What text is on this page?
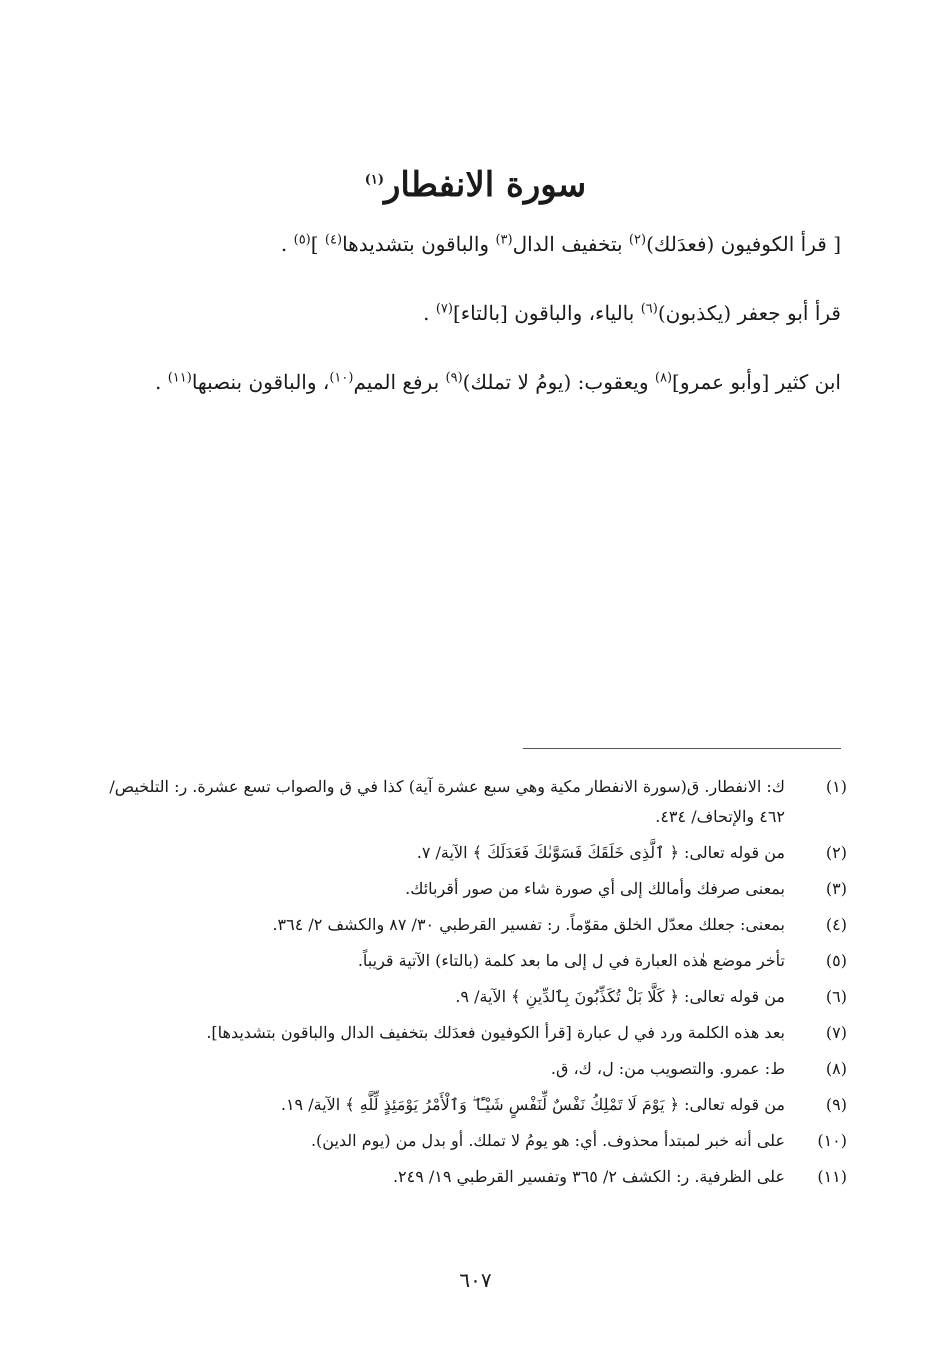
سورة الانفطار$^{(١)}$

[ قرأ الكوفيون (فعدَلك)$^{(٢)}$ بتخفيف الدال$^{(٣)}$ والباقون بتشديدها$^{(٤)}$ ]$^{(٥)}$ .

قرأ أبو جعفر (يكذبون)$^{(٦)}$ بالياء، والباقون [بالتاء]$^{(٧)}$ .

ابن كثير [وأبو عمرو]$^{(٨)}$ ويعقوب: (يومُ لا تملك)$^{(٩)}$ برفع الميم$^{(١٠)}$، والباقون بنصبها$^{(١١)}$ .

(١)
ك: الانفطار. ق(سورة الانفطار مكية وهي سبع عشرة آية) كذا في ق والصواب تسع عشرة. ر: التلخيص/ ٤٦٢ والإتحاف/ ٤٣٤.
(٢)
من قوله تعالى: ﴿ ٱلَّذِى خَلَقَكَ فَسَوَّىٰكَ فَعَدَلَكَ ﴾ الآية/ ٧.
(٣)
بمعنى صرفك وأمالك إلى أي صورة شاء من صور أقربائك.
(٤)
بمعنى: جعلك معدّل الخلق مقوّماً. ر: تفسير القرطبي ٣٠/ ٨٧ والكشف ٢/ ٣٦٤.
(٥)
تأخر موضع هٰذه العبارة في ل إلى ما بعد كلمة (بالتاء) الآتية قريباً.
(٦)
من قوله تعالى: ﴿ كَلَّا بَلْ تُكَذِّبُونَ بِٱلدِّينِ ﴾ الآية/ ٩.
(٧)
بعد هذه الكلمة ورد في ل عبارة [قرأ الكوفيون فعدَلك بتخفيف الدال والباقون بتشديدها].
(٨)
ط: عمرو. والتصويب من: ل، ك، ق.
(٩)
من قوله تعالى: ﴿ يَوْمَ لَا تَمْلِكُ نَفْسٌ لِّنَفْسٍ شَيْـًٔا ۖ وَٱلْأَمْرُ يَوْمَئِذٍ لِّلَّهِ ﴾ الآية/ ١٩.
(١٠)
على أنه خبر لمبتدأ محذوف. أي: هو يومُ لا تملك. أو بدل من (يوم الدين).
(١١)
على الظرفية. ر: الكشف ٢/ ٣٦٥ وتفسير القرطبي ١٩/ ٢٤٩.
٦٠٧
